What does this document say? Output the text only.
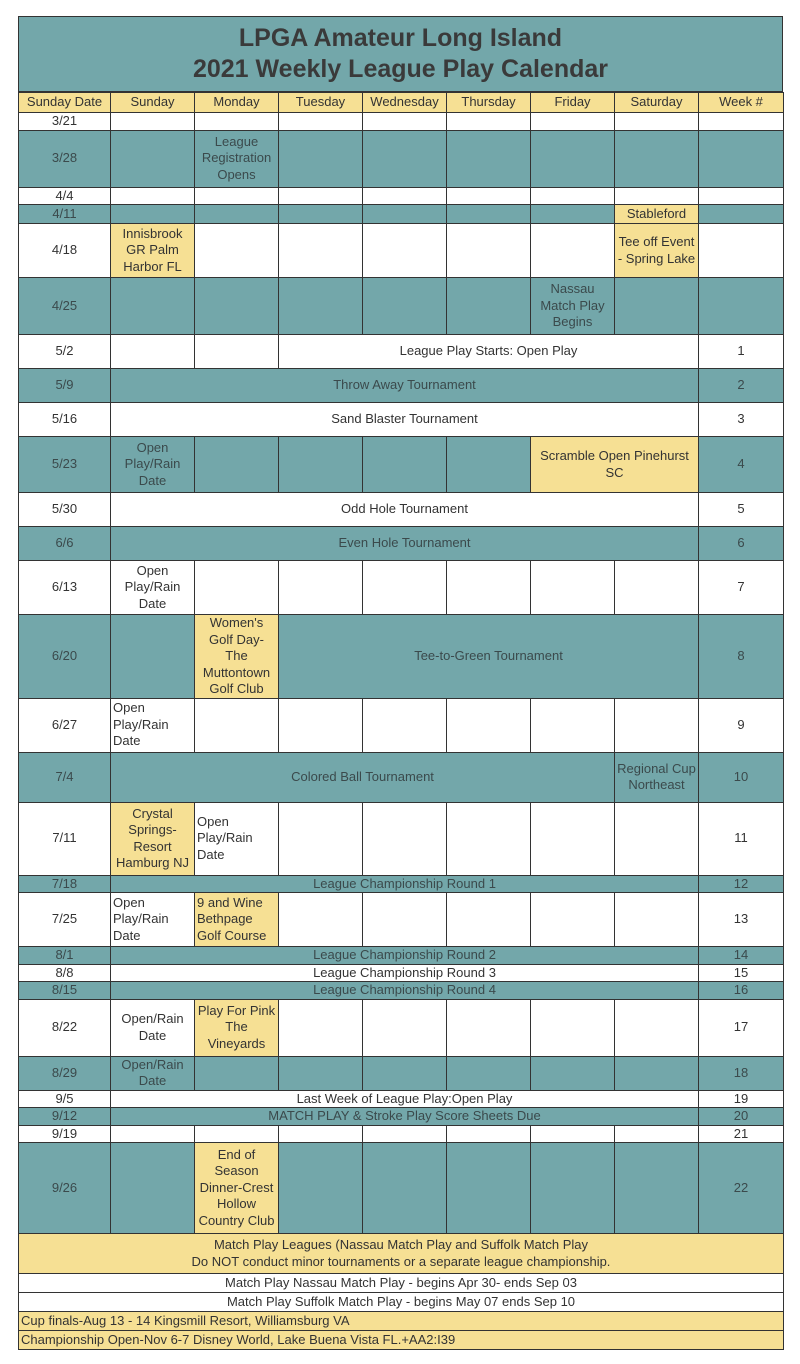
LPGA Amateur Long Island
2021 Weekly League Play Calendar
Sunday Date	Sunday	Monday	Tuesday	Wednesday	Thursday	Friday	Saturday	Week #
3/21								
3/28		League Registration Opens						
4/4								
4/11							Stableford	
4/18	Innisbrook GR Palm Harbor FL						Tee off Event - Spring Lake	
4/25						Nassau Match Play Begins		
5/2			League Play Starts: Open Play					1
5/9	Throw Away Tournament							2
5/16	Sand Blaster Tournament							3
5/23	Open Play/Rain Date					Scramble Open Pinehurst SC		4
5/30	Odd Hole Tournament							5
6/6	Even Hole Tournament							6
6/13	Open Play/Rain Date							7
6/20		Women's Golf Day- The Muttontown Golf Club	Tee-to-Green Tournament					8
6/27	Open Play/Rain Date							9
7/4	Colored Ball Tournament						Regional Cup Northeast	10
7/11	Crystal Springs- Resort Hamburg NJ	Open Play/Rain Date						11
7/18	League Championship Round 1							12
7/25	Open Play/Rain Date	9 and Wine Bethpage Golf Course						13
8/1	League Championship Round 2							14
8/8	League Championship Round 3							15
8/15	League Championship Round 4							16
8/22	Open/Rain Date	Play For Pink The Vineyards						17
8/29	Open/Rain Date							18
9/5	Last Week of League Play:Open Play							19
9/12	MATCH PLAY & Stroke Play Score Sheets Due							20
9/19								21
9/26		End of Season Dinner-Crest Hollow Country Club						22

Match Play Leagues (Nassau Match Play and Suffolk Match Play
Do NOT conduct minor tournaments or a separate league championship.								

Match Play Nassau Match Play - begins Apr 30- ends Sep 03								
Match Play Suffolk Match Play - begins May 07 ends Sep 10								
Cup finals-Aug 13 - 14 Kingsmill Resort, Williamsburg VA								
Championship Open-Nov 6-7 Disney World, Lake Buena Vista FL.+AA2:I39								
